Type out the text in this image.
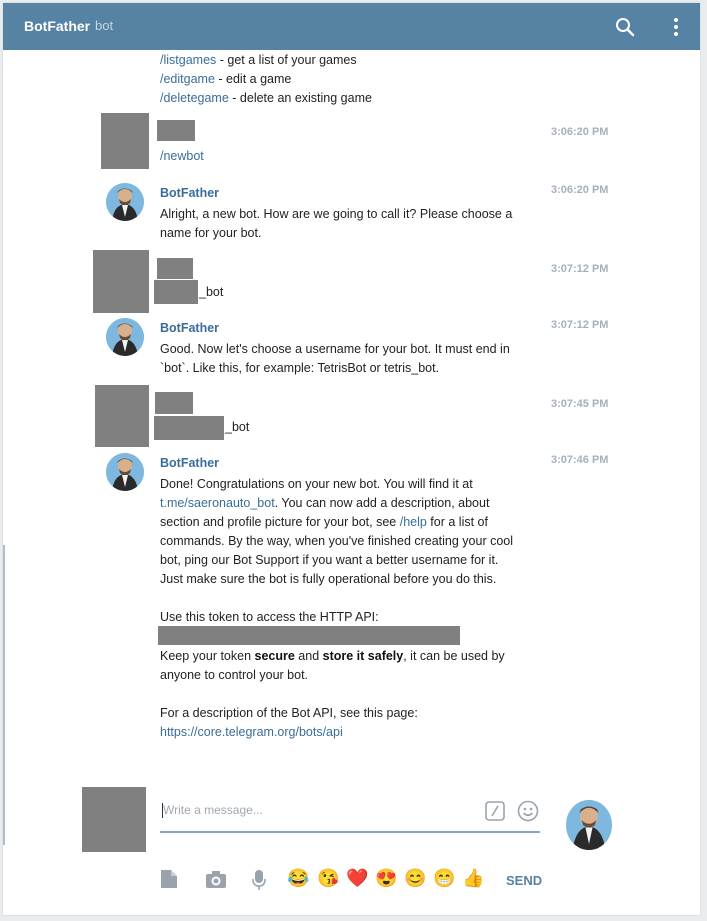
BotFather bot
/listgames - get a list of your games
/editgame - edit a game
/deletegame - delete an existing game
3:06:20 PM
/newbot
BotFather	3:06:20 PM
Alright, a new bot. How are we going to call it? Please choose a
name for your bot.
3:07:12 PM
_bot
BotFather	3:07:12 PM
Good. Now let's choose a username for your bot. It must end in
`bot`. Like this, for example: TetrisBot or tetris_bot.
3:07:45 PM
_bot
BotFather	3:07:46 PM
Done! Congratulations on your new bot. You will find it at
t.me/saeronauto_bot. You can now add a description, about
section and profile picture for your bot, see /help for a list of
commands. By the way, when you've finished creating your cool
bot, ping our Bot Support if you want a better username for it.
Just make sure the bot is fully operational before you do this.
Use this token to access the HTTP API:
Keep your token secure and store it safely, it can be used by
anyone to control your bot.
For a description of the Bot API, see this page:
https://core.telegram.org/bots/api
Write a message...
😂 😘 ❤️ 😍 😊 😁 👍 SEND
